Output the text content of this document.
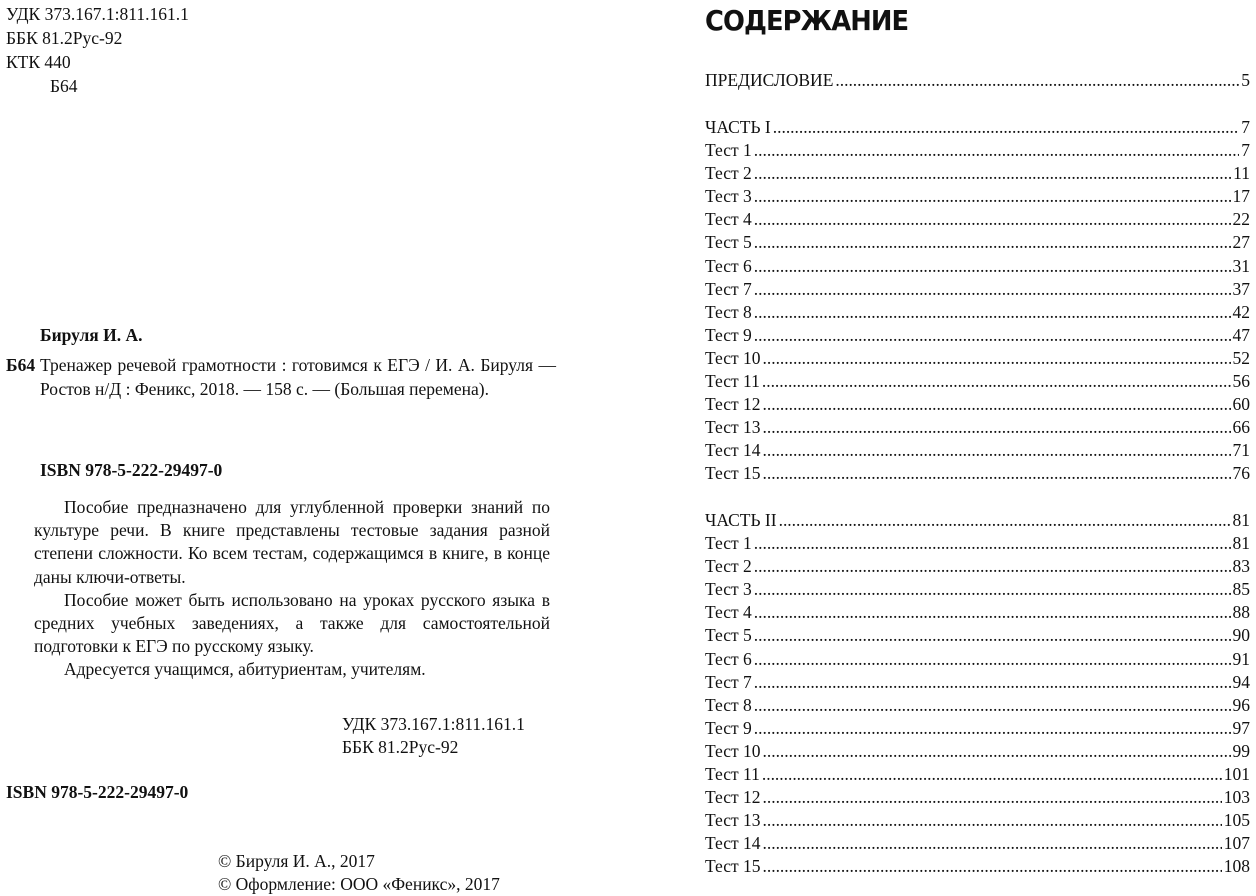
УДК 373.167.1:811.161.1
ББК 81.2Рус-92
КТК 440
Б64
Бируля И. А.
Б64 Тренажер речевой грамотности : готовимся к ЕГЭ / И. А. Бируля —Ростов н/Д : Феникс, 2018. — 158 с. — (Большая перемена).
ISBN 978-5-222-29497-0

Пособие предназначено для углубленной проверки знаний по культуре речи. В книге представлены тестовые задания разной степени сложности. Ко всем тестам, содержащимся в книге, в конце даны ключи-ответы.

Пособие может быть использовано на уроках русского языка в средних учебных заведениях, а также для самостоятельной подготовки к ЕГЭ по русскому языку.

Адресуется учащимся, абитуриентам, учителям.

УДК 373.167.1:811.161.1
ББК 81.2Рус-92
ISBN 978-5-222-29497-0
© Бируля И. А., 2017
© Оформление: ООО «Феникс», 2017
СОДЕРЖАНИЕ
ПРЕДИСЛОВИЕ . . .	5
ЧАСТЬ I . . .	7
Тест 1 . . .	7
Тест 2 . . .	11
Тест 3 . . .	17
Тест 4 . . .	22
Тест 5 . . .	27
Тест 6 . . .	31
Тест 7 . . .	37
Тест 8 . . .	42
Тест 9 . . .	47
Тест 10 . . .	52
Тест 11 . . .	56
Тест 12 . . .	60
Тест 13 . . .	66
Тест 14 . . .	71
Тест 15 . . .	76
ЧАСТЬ II . . .	81
Тест 1 . . .	81
Тест 2 . . .	83
Тест 3 . . .	85
Тест 4 . . .	88
Тест 5 . . .	90
Тест 6 . . .	91
Тест 7 . . .	94
Тест 8 . . .	96
Тест 9 . . .	97
Тест 10 . . .	99
Тест 11 . . .	101
Тест 12 . . .	103
Тест 13 . . .	105
Тест 14 . . .	107
Тест 15 . . .	108
